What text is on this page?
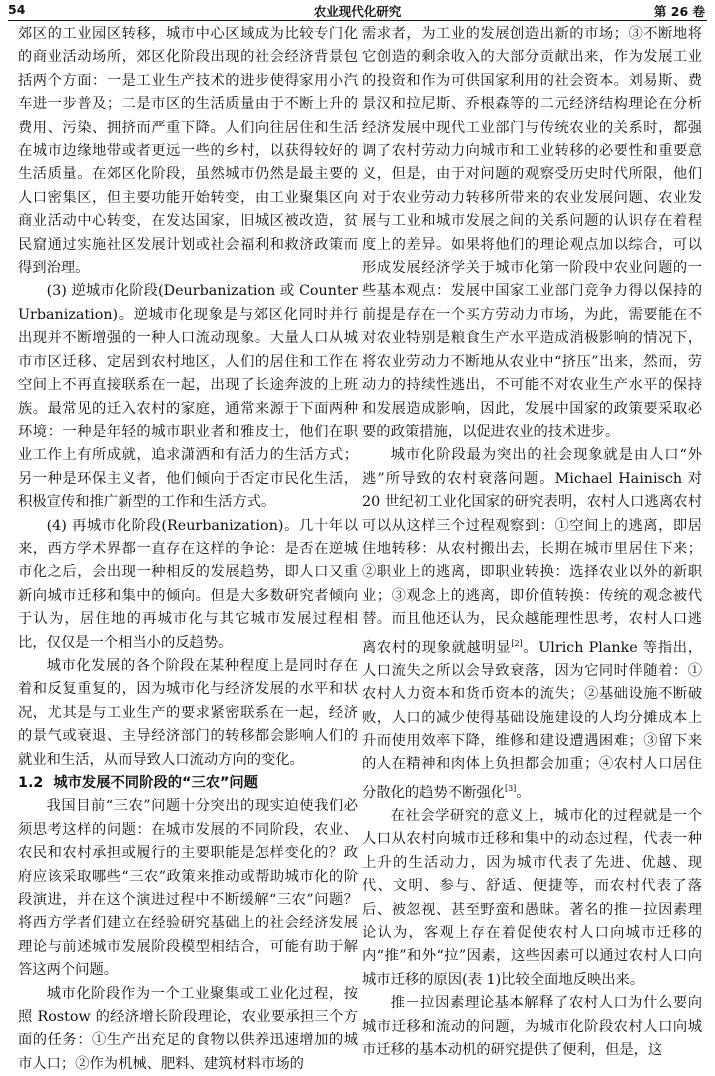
农业现代化研究
54	第 26 卷

郊区的工业园区转移，城市中心区域成为比较专门化的商业活动场所，郊区化阶段出现的社会经济背景包括两个方面：一是工业生产技术的进步使得家用小汽车进一步普及；二是市区的生活质量由于不断上升的费用、污染、拥挤而严重下降。人们向往居住和生活在城市边缘地带或者更远一些的乡村，以获得较好的生活质量。在郊区化阶段，虽然城市仍然是最主要的人口密集区，但主要功能开始转变，由工业聚集区向商业活动中心转变，在发达国家，旧城区被改造，贫民窟通过实施社区发展计划或社会福利和救济政策而得到治理。

(3) 逆城市化阶段(Deurbanization 或 Counter Urbanization)。逆城市化现象是与郊区化同时并行出现并不断增强的一种人口流动现象。大量人口从城市市区迁移、定居到农村地区，人们的居住和工作在空间上不再直接联系在一起，出现了长途奔波的上班族。最常见的迁入农村的家庭，通常来源于下面两种环境：一种是年轻的城市职业者和雅皮士，他们在职业工作上有所成就，追求潇洒和有活力的生活方式；另一种是环保主义者，他们倾向于否定市民化生活，积极宣传和推广新型的工作和生活方式。

(4) 再城市化阶段(Reurbanization)。几十年以来，西方学术界都一直存在这样的争论：是否在逆城市化之后，会出现一种相反的发展趋势，即人口又重新向城市迁移和集中的倾向。但是大多数研究者倾向于认为，居住地的再城市化与其它城市发展过程相比，仅仅是一个相当小的反趋势。

城市化发展的各个阶段在某种程度上是同时存在着和反复重复的，因为城市化与经济发展的水平和状况，尤其是与工业生产的要求紧密联系在一起，经济的景气或衰退、主导经济部门的转移都会影响人们的就业和生活，从而导致人口流动方向的变化。

1.2 城市发展不同阶段的“三农”问题

我国目前“三农”问题十分突出的现实迫使我们必须思考这样的问题：在城市发展的不同阶段，农业、农民和农村承担或履行的主要职能是怎样变化的？政府应该采取哪些“三农”政策来推动或帮助城市化的阶段演进，并在这个演进过程中不断缓解“三农”问题？将西方学者们建立在经验研究基础上的社会经济发展理论与前述城市发展阶段模型相结合，可能有助于解答这两个问题。

城市化阶段作为一个工业聚集或工业化过程，按照 Rostow 的经济增长阶段理论，农业要承担三个方面的任务：①生产出充足的食物以供养迅速增加的城市人口；②作为机械、肥料、建筑材料市场的

需求者，为工业的发展创造出新的市场；③不断地将它创造的剩余收入的大部分贡献出来，作为发展工业的投资和作为可供国家利用的社会资本。刘易斯、费景汉和拉尼斯、乔根森等的二元经济结构理论在分析经济发展中现代工业部门与传统农业的关系时，都强调了农村劳动力向城市和工业转移的必要性和重要意义，但是，由于对问题的观察受历史时代所限，他们对于农业劳动力转移所带来的农业发展问题、农业发展与工业和城市发展之间的关系问题的认识存在着程度上的差异。如果将他们的理论观点加以综合，可以形成发展经济学关于城市化第一阶段中农业问题的一些基本观点：发展中国家工业部门竞争力得以保持的前提是存在一个买方劳动力市场，为此，需要能在不对农业特别是粮食生产水平造成消极影响的情况下，将农业劳动力不断地从农业中“挤压”出来，然而，劳动力的持续性逃出，不可能不对农业生产水平的保持和发展造成影响，因此，发展中国家的政策要采取必要的政策措施，以促进农业的技术进步。

城市化阶段最为突出的社会现象就是由人口“外逃”所导致的农村衰落问题。Michael Hainisch 对 20 世纪初工业化国家的研究表明，农村人口逃离农村可以从这样三个过程观察到：①空间上的逃离，即居住地转移：从农村搬出去，长期在城市里居住下来；②职业上的逃离，即职业转换：选择农业以外的新职业；③观念上的逃离，即价值转换：传统的观念被代替。而且他还认为，民众越能理性思考，农村人口逃离农村的现象就越明显[2]。Ulrich Planke 等指出，人口流失之所以会导致衰落，因为它同时伴随着：①农村人力资本和货币资本的流失；②基础设施不断破败，人口的减少使得基础设施建设的人均分摊成本上升而使用效率下降，维修和建设遭遇困难；③留下来的人在精神和肉体上负担都会加重；④农村人口居住分散化的趋势不断强化[3]。

在社会学研究的意义上，城市化的过程就是一个人口从农村向城市迁移和集中的动态过程，代表一种上升的生活动力，因为城市代表了先进、优越、现代、文明、参与、舒适、便捷等，而农村代表了落后、被忽视、甚至野蛮和愚昧。著名的推－拉因素理论认为，客观上存在着促使农村人口向城市迁移的内“推”和外“拉”因素，这些因素可以通过农村人口向城市迁移的原因(表 1)比较全面地反映出来。

推－拉因素理论基本解释了农村人口为什么要向城市迁移和流动的问题，为城市化阶段农村人口向城市迁移的基本动机的研究提供了便利，但是，这
